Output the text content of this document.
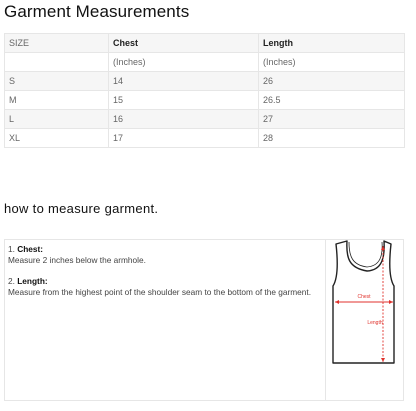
Garment Measurements
SIZE	Chest	Length
	(Inches)	(Inches)
S	14	26
M	15	26.5
L	16	27
XL	17	28
how to measure garment.
1. Chest:
Measure 2 inches below the armhole.
2. Length:
Measure from the highest point of the shoulder seam to the bottom of the garment.	Chest
Length
